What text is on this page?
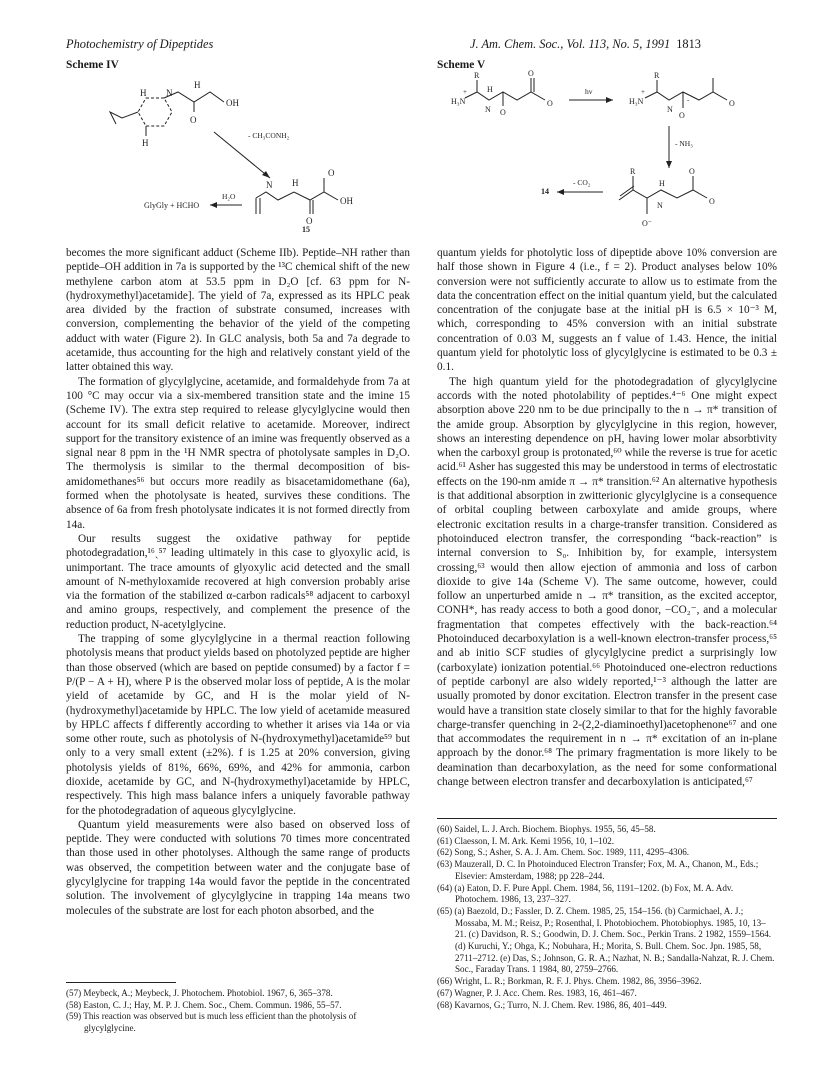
Photochemistry of Dipeptides	J. Am. Chem. Soc., Vol. 113, No. 5, 1991 1813
Scheme IV
H N
H
O
OH
H
- CH₃CONH₂
GlyGly + HCHO
H₂O
N H
O
O
OH
15
Scheme V
R
H₃N
+
N
H
O
O
O
hv
R
H₃N
+
N
O
-	O
- NH₃
14
- CO₂
R
N
H
O⁻
O
O

becomes the more significant adduct (Scheme IIb). Peptide–NH rather than peptide–OH addition in 7a is supported by the ¹³C chemical shift of the new methylene carbon atom at 53.5 ppm in D₂O [cf. 63 ppm for N-(hydroxymethyl)acetamide]. The yield of 7a, expressed as its HPLC peak area divided by the fraction of substrate consumed, increases with conversion, complementing the behavior of the yield of the competing adduct with water (Figure 2). In GLC analysis, both 5a and 7a degrade to acetamide, thus accounting for the high and relatively constant yield of the latter obtained this way.

The formation of glycylglycine, acetamide, and formaldehyde from 7a at 100 °C may occur via a six-membered transition state and the imine 15 (Scheme IV). The extra step required to release glycylglycine would then account for its small deficit relative to acetamide. Moreover, indirect support for the transitory existence of an imine was frequently observed as a signal near 8 ppm in the ¹H NMR spectra of photolysate samples in D₂O. The thermolysis is similar to the thermal decomposition of bis-amidomethanes⁵⁶ but occurs more readily as bisacetamidomethane (6a), formed when the photolysate is heated, survives these conditions. The absence of 6a from fresh photolysate indicates it is not formed directly from 14a.

Our results suggest the oxidative pathway for peptide photodegradation,¹⁶ˏ⁵⁷ leading ultimately in this case to glyoxylic acid, is unimportant. The trace amounts of glyoxylic acid detected and the small amount of N-methyloxamide recovered at high conversion probably arise via the formation of the stabilized α-carbon radicals⁵⁸ adjacent to carboxyl and amino groups, respectively, and complement the presence of the reduction product, N-acetylglycine.

The trapping of some glycylglycine in a thermal reaction following photolysis means that product yields based on photolyzed peptide are higher than those observed (which are based on peptide consumed) by a factor f = P/(P − A + H), where P is the observed molar loss of peptide, A is the molar yield of acetamide by GC, and H is the molar yield of N-(hydroxymethyl)acetamide by HPLC. The low yield of acetamide measured by HPLC affects f differently according to whether it arises via 14a or via some other route, such as photolysis of N-(hydroxymethyl)acetamide⁵⁹ but only to a very small extent (±2%). f is 1.25 at 20% conversion, giving photolysis yields of 81%, 66%, 69%, and 42% for ammonia, carbon dioxide, acetamide by GC, and N-(hydroxymethyl)acetamide by HPLC, respectively. This high mass balance infers a uniquely favorable pathway for the photodegradation of aqueous glycylglycine.

Quantum yield measurements were also based on observed loss of peptide. They were conducted with solutions 70 times more concentrated than those used in other photolyses. Although the same range of products was observed, the competition between water and the conjugate base of glycylglycine for trapping 14a would favor the peptide in the concentrated solution. The involvement of glycylglycine in trapping 14a means two molecules of the substrate are lost for each photon absorbed, and the

(57) Meybeck, A.; Meybeck, J. Photochem. Photobiol. 1967, 6, 365–378.
(58) Easton, C. J.; Hay, M. P. J. Chem. Soc., Chem. Commun. 1986, 55–57.
(59) This reaction was observed but is much less efficient than the photolysis of glycylglycine.

quantum yields for photolytic loss of dipeptide above 10% conversion are half those shown in Figure 4 (i.e., f = 2). Product analyses below 10% conversion were not sufficiently accurate to allow us to estimate from the data the concentration effect on the initial quantum yield, but the calculated concentration of the conjugate base at the initial pH is 6.5 × 10⁻³ M, which, corresponding to 45% conversion with an initial substrate concentration of 0.03 M, suggests an f value of 1.43. Hence, the initial quantum yield for photolytic loss of glycylglycine is estimated to be 0.3 ± 0.1.

The high quantum yield for the photodegradation of glycylglycine accords with the noted photolability of peptides.⁴⁻⁶ One might expect absorption above 220 nm to be due principally to the n → π* transition of the amide group. Absorption by glycylglycine in this region, however, shows an interesting dependence on pH, having lower molar absorbtivity when the carboxyl group is protonated,⁶⁰ while the reverse is true for acetic acid.⁶¹ Asher has suggested this may be understood in terms of electrostatic effects on the 190-nm amide π → π* transition.⁶² An alternative hypothesis is that additional absorption in zwitterionic glycylglycine is a consequence of orbital coupling between carboxylate and amide groups, where electronic excitation results in a charge-transfer transition. Considered as photoinduced electron transfer, the corresponding “back-reaction” is internal conversion to S₀. Inhibition by, for example, intersystem crossing,⁶³ would then allow ejection of ammonia and loss of carbon dioxide to give 14a (Scheme V). The same outcome, however, could follow an unperturbed amide n → π* transition, as the excited acceptor, CONH*, has ready access to both a good donor, −CO₂⁻, and a molecular fragmentation that competes effectively with the back-reaction.⁶⁴ Photoinduced decarboxylation is a well-known electron-transfer process,⁶⁵ and ab initio SCF studies of glycylglycine predict a surprisingly low (carboxylate) ionization potential.⁶⁶ Photoinduced one-electron reductions of peptide carbonyl are also widely reported,¹⁻³ although the latter are usually promoted by donor excitation. Electron transfer in the present case would have a transition state closely similar to that for the highly favorable charge-transfer quenching in 2-(2,2-diaminoethyl)acetophenone⁶⁷ and one that accommodates the requirement in n → π* excitation of an in-plane approach by the donor.⁶⁸ The primary fragmentation is more likely to be deamination than decarboxylation, as the need for some conformational change between electron transfer and decarboxylation is anticipated,⁶⁷

(60) Saidel, L. J. Arch. Biochem. Biophys. 1955, 56, 45–58.
(61) Claesson, I. M. Ark. Kemi 1956, 10, 1–102.
(62) Song, S.; Asher, S. A. J. Am. Chem. Soc. 1989, 111, 4295–4306.
(63) Mauzerall, D. C. In Photoinduced Electron Transfer; Fox, M. A., Chanon, M., Eds.; Elsevier: Amsterdam, 1988; pp 228–244.
(64) (a) Eaton, D. F. Pure Appl. Chem. 1984, 56, 1191–1202. (b) Fox, M. A. Adv. Photochem. 1986, 13, 237–327.
(65) (a) Baezold, D.; Fassler, D. Z. Chem. 1985, 25, 154–156. (b) Carmichael, A. J.; Mossaba, M. M.; Reisz, P.; Rosenthal, I. Photobiochem. Photobiophys. 1985, 10, 13–21. (c) Davidson, R. S.; Goodwin, D. J. Chem. Soc., Perkin Trans. 2 1982, 1559–1564. (d) Kuruchi, Y.; Ohga, K.; Nobuhara, H.; Morita, S. Bull. Chem. Soc. Jpn. 1985, 58, 2711–2712. (e) Das, S.; Johnson, G. R. A.; Nazhat, N. B.; Sandalla-Nahzat, R. J. Chem. Soc., Faraday Trans. 1 1984, 80, 2759–2766.
(66) Wright, L. R.; Borkman, R. F. J. Phys. Chem. 1982, 86, 3956–3962.
(67) Wagner, P. J. Acc. Chem. Res. 1983, 16, 461–467.
(68) Kavarnos, G.; Turro, N. J. Chem. Rev. 1986, 86, 401–449.
